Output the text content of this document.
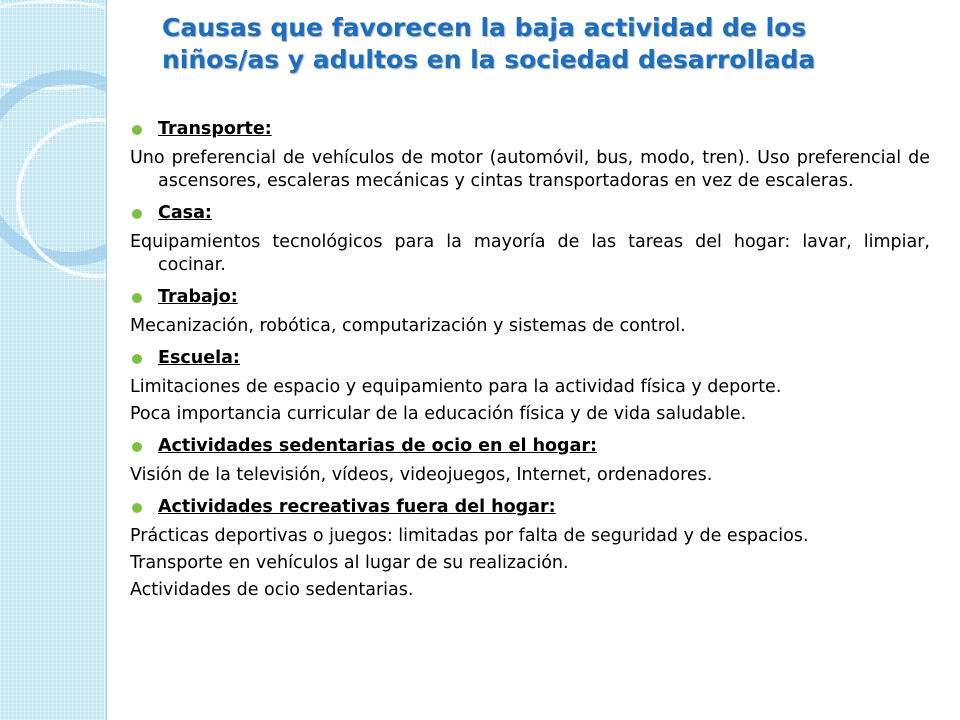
Causas que favorecen la baja actividad de los niños/as y adultos en la sociedad desarrollada
Transporte:
Uno preferencial de vehículos de motor (automóvil, bus, modo, tren). Uso preferencial de ascensores, escaleras mecánicas y cintas transportadoras en vez de escaleras.
Casa:
Equipamientos tecnológicos para la mayoría de las tareas del hogar: lavar, limpiar, cocinar.
Trabajo:
Mecanización, robótica, computarización y sistemas de control.
Escuela:
Limitaciones de espacio y equipamiento para la actividad física y deporte.
Poca importancia curricular de la educación física y de vida saludable.
Actividades sedentarias de ocio en el hogar:
Visión de la televisión, vídeos, videojuegos, Internet, ordenadores.
Actividades recreativas fuera del hogar:
Prácticas deportivas o juegos: limitadas por falta de seguridad y de espacios.
Transporte en vehículos al lugar de su realización.
Actividades de ocio sedentarias.
